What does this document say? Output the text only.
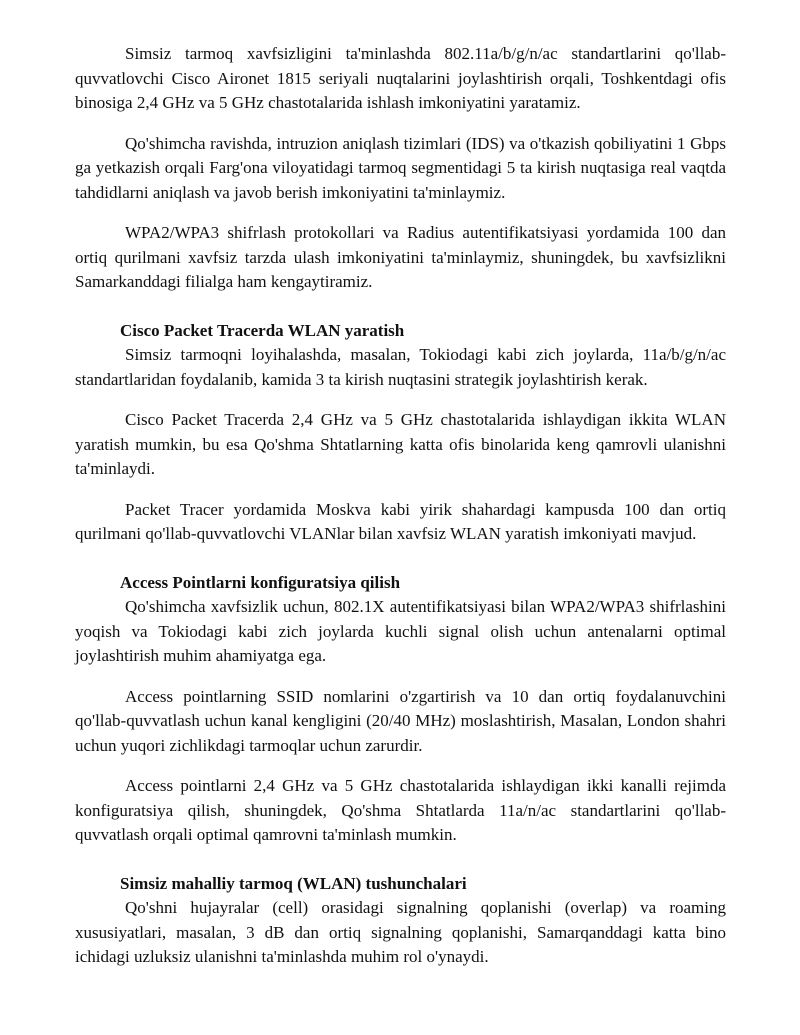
Simsiz tarmoq xavfsizligini ta'minlashda 802.11a/b/g/n/ac standartlarini qo'llab-quvvatlovchi Cisco Aironet 1815 seriyali nuqtalarini joylashtirish orqali, Toshkentdagi ofis binosiga 2,4 GHz va 5 GHz chastotalarida ishlash imkoniyatini yaratamiz.

Qo'shimcha ravishda, intruzion aniqlash tizimlari (IDS) va o'tkazish qobiliyatini 1 Gbps ga yetkazish orqali Farg'ona viloyatidagi tarmoq segmentidagi 5 ta kirish nuqtasiga real vaqtda tahdidlarni aniqlash va javob berish imkoniyatini ta'minlaymiz.

WPA2/WPA3 shifrlash protokollari va Radius autentifikatsiyasi yordamida 100 dan ortiq qurilmani xavfsiz tarzda ulash imkoniyatini ta'minlaymiz, shuningdek, bu xavfsizlikni Samarkanddagi filialga ham kengaytiramiz.

Cisco Packet Tracerda WLAN yaratish

Simsiz tarmoqni loyihalashda, masalan, Tokiodagi kabi zich joylarda, 11a/b/g/n/ac standartlaridan foydalanib, kamida 3 ta kirish nuqtasini strategik joylashtirish kerak.

Cisco Packet Tracerda 2,4 GHz va 5 GHz chastotalarida ishlaydigan ikkita WLAN yaratish mumkin, bu esa Qo'shma Shtatlarning katta ofis binolarida keng qamrovli ulanishni ta'minlaydi.

Packet Tracer yordamida Moskva kabi yirik shahardagi kampusda 100 dan ortiq qurilmani qo'llab-quvvatlovchi VLANlar bilan xavfsiz WLAN yaratish imkoniyati mavjud.

Access Pointlarni konfiguratsiya qilish

Qo'shimcha xavfsizlik uchun, 802.1X autentifikatsiyasi bilan WPA2/WPA3 shifrlashini yoqish va Tokiodagi kabi zich joylarda kuchli signal olish uchun antenalarni optimal joylashtirish muhim ahamiyatga ega.

Access pointlarning SSID nomlarini o'zgartirish va 10 dan ortiq foydalanuvchini qo'llab-quvvatlash uchun kanal kengligini (20/40 MHz) moslashtirish, Masalan, London shahri uchun yuqori zichlikdagi tarmoqlar uchun zarurdir.

Access pointlarni 2,4 GHz va 5 GHz chastotalarida ishlaydigan ikki kanalli rejimda konfiguratsiya qilish, shuningdek, Qo'shma Shtatlarda 11a/n/ac standartlarini qo'llab-quvvatlash orqali optimal qamrovni ta'minlash mumkin.

Simsiz mahalliy tarmoq (WLAN) tushunchalari

Qo'shni hujayralar (cell) orasidagi signalning qoplanishi (overlap) va roaming xususiyatlari, masalan, 3 dB dan ortiq signalning qoplanishi, Samarqanddagi katta bino ichidagi uzluksiz ulanishni ta'minlashda muhim rol o'ynaydi.
